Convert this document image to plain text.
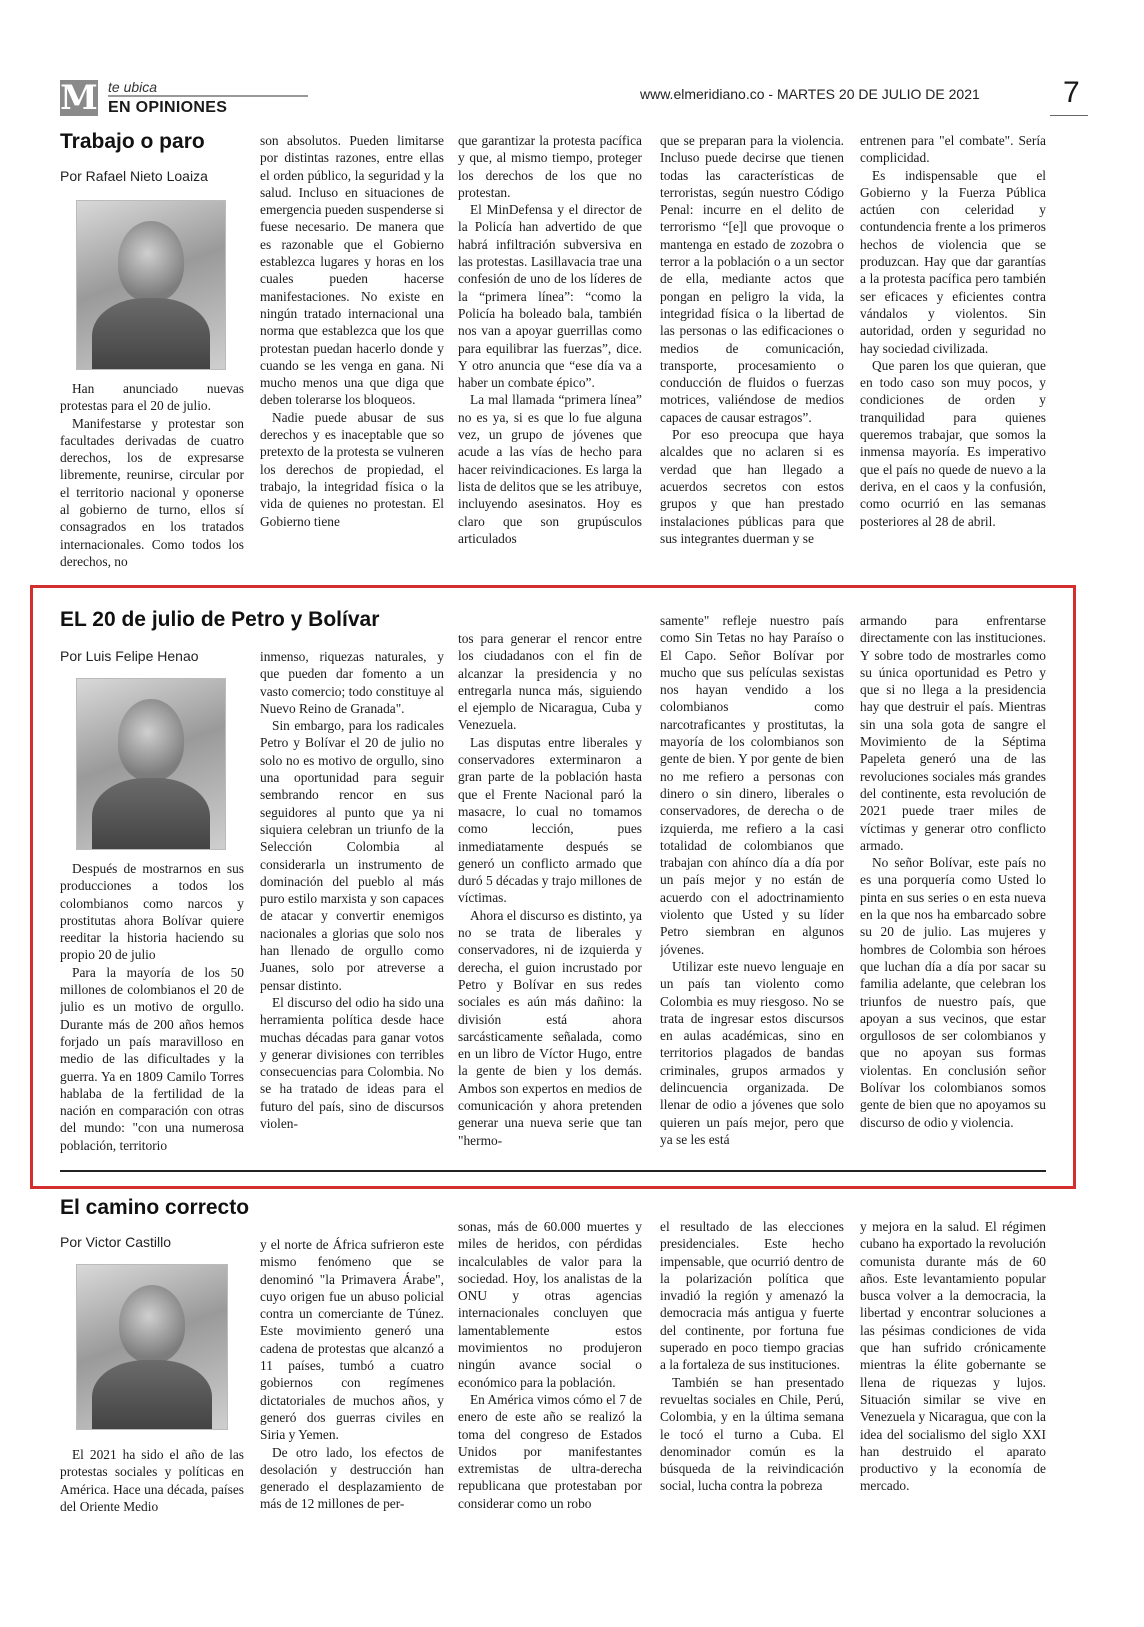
M te ubica
EN OPINIONES
www.elmeridiano.co - MARTES 20 DE JULIO DE 2021	7
Trabajo o paro
Por Rafael Nieto Loaiza

Han anunciado nuevas protestas para el 20 de julio.

Manifestarse y protestar son facultades derivadas de cuatro derechos, los de expresarse libremente, reunirse, circular por el territorio nacional y oponerse al gobierno de turno, ellos sí consagrados en los tratados internacionales. Como todos los derechos, no

son absolutos. Pueden limitarse por distintas razones, entre ellas el orden público, la seguridad y la salud. Incluso en situaciones de emergencia pueden suspenderse si fuese necesario. De manera que es razonable que el Gobierno establezca lugares y horas en los cuales pueden hacerse manifestaciones. No existe en ningún tratado internacional una norma que establezca que los que protestan puedan hacerlo donde y cuando se les venga en gana. Ni mucho menos una que diga que deben tolerarse los bloqueos.

Nadie puede abusar de sus derechos y es inaceptable que so pretexto de la protesta se vulneren los derechos de propiedad, el trabajo, la integridad física o la vida de quienes no protestan. El Gobierno tiene

que garantizar la protesta pacífica y que, al mismo tiempo, proteger los derechos de los que no protestan.

El MinDefensa y el director de la Policía han advertido de que habrá infiltración subversiva en las protestas. Lasillavacia trae una confesión de uno de los líderes de la “primera línea”: “como la Policía ha boleado bala, también nos van a apoyar guerrillas como para equilibrar las fuerzas”, dice. Y otro anuncia que “ese día va a haber un combate épico”.

La mal llamada “primera línea” no es ya, si es que lo fue alguna vez, un grupo de jóvenes que acude a las vías de hecho para hacer reivindicaciones. Es larga la lista de delitos que se les atribuye, incluyendo asesinatos. Hoy es claro que son grupúsculos articulados

que se preparan para la violencia. Incluso puede decirse que tienen todas las características de terroristas, según nuestro Código Penal: incurre en el delito de terrorismo “[e]l que provoque o mantenga en estado de zozobra o terror a la población o a un sector de ella, mediante actos que pongan en peligro la vida, la integridad física o la libertad de las personas o las edificaciones o medios de comunicación, transporte, procesamiento o conducción de fluidos o fuerzas motrices, valiéndose de medios capaces de causar estragos”.

Por eso preocupa que haya alcaldes que no aclaren si es verdad que han llegado a acuerdos secretos con estos grupos y que han prestado instalaciones públicas para que sus integrantes duerman y se

entrenen para "el combate". Sería complicidad.

Es indispensable que el Gobierno y la Fuerza Pública actúen con celeridad y contundencia frente a los primeros hechos de violencia que se produzcan. Hay que dar garantías a la protesta pacífica pero también ser eficaces y eficientes contra vándalos y violentos. Sin autoridad, orden y seguridad no hay sociedad civilizada.

Que paren los que quieran, que en todo caso son muy pocos, y condiciones de orden y tranquilidad para quienes queremos trabajar, que somos la inmensa mayoría. Es imperativo que el país no quede de nuevo a la deriva, en el caos y la confusión, como ocurrió en las semanas posteriores al 28 de abril.

EL 20 de julio de Petro y Bolívar
Por Luis Felipe Henao

Después de mostrarnos en sus producciones a todos los colombianos como narcos y prostitutas ahora Bolívar quiere reeditar la historia haciendo su propio 20 de julio

Para la mayoría de los 50 millones de colombianos el 20 de julio es un motivo de orgullo. Durante más de 200 años hemos forjado un país maravilloso en medio de las dificultades y la guerra. Ya en 1809 Camilo Torres hablaba de la fertilidad de la nación en comparación con otras del mundo: "con una numerosa población, territorio

inmenso, riquezas naturales, y que pueden dar fomento a un vasto comercio; todo constituye al Nuevo Reino de Granada".

Sin embargo, para los radicales Petro y Bolívar el 20 de julio no solo no es motivo de orgullo, sino una oportunidad para seguir sembrando rencor en sus seguidores al punto que ya ni siquiera celebran un triunfo de la Selección Colombia al considerarla un instrumento de dominación del pueblo al más puro estilo marxista y son capaces de atacar y convertir enemigos nacionales a glorias que solo nos han llenado de orgullo como Juanes, solo por atreverse a pensar distinto.

El discurso del odio ha sido una herramienta política desde hace muchas décadas para ganar votos y generar divisiones con terribles consecuencias para Colombia. No se ha tratado de ideas para el futuro del país, sino de discursos violen-

tos para generar el rencor entre los ciudadanos con el fin de alcanzar la presidencia y no entregarla nunca más, siguiendo el ejemplo de Nicaragua, Cuba y Venezuela.

Las disputas entre liberales y conservadores exterminaron a gran parte de la población hasta que el Frente Nacional paró la masacre, lo cual no tomamos como lección, pues inmediatamente después se generó un conflicto armado que duró 5 décadas y trajo millones de víctimas.

Ahora el discurso es distinto, ya no se trata de liberales y conservadores, ni de izquierda y derecha, el guion incrustado por Petro y Bolívar en sus redes sociales es aún más dañino: la división está ahora sarcásticamente señalada, como en un libro de Víctor Hugo, entre la gente de bien y los demás. Ambos son expertos en medios de comunicación y ahora pretenden generar una nueva serie que tan "hermo-

samente" refleje nuestro país como Sin Tetas no hay Paraíso o El Capo. Señor Bolívar por mucho que sus películas sexistas nos hayan vendido a los colombianos como narcotraficantes y prostitutas, la mayoría de los colombianos son gente de bien. Y por gente de bien no me refiero a personas con dinero o sin dinero, liberales o conservadores, de derecha o de izquierda, me refiero a la casi totalidad de colombianos que trabajan con ahínco día a día por un país mejor y no están de acuerdo con el adoctrinamiento violento que Usted y su líder Petro siembran en algunos jóvenes.

Utilizar este nuevo lenguaje en un país tan violento como Colombia es muy riesgoso. No se trata de ingresar estos discursos en aulas académicas, sino en territorios plagados de bandas criminales, grupos armados y delincuencia organizada. De llenar de odio a jóvenes que solo quieren un país mejor, pero que ya se les está

armando para enfrentarse directamente con las instituciones. Y sobre todo de mostrarles como su única oportunidad es Petro y que si no llega a la presidencia hay que destruir el país. Mientras sin una sola gota de sangre el Movimiento de la Séptima Papeleta generó una de las revoluciones sociales más grandes del continente, esta revolución de 2021 puede traer miles de víctimas y generar otro conflicto armado.

No señor Bolívar, este país no es una porquería como Usted lo pinta en sus series o en esta nueva en la que nos ha embarcado sobre su 20 de julio. Las mujeres y hombres de Colombia son héroes que luchan día a día por sacar su familia adelante, que celebran los triunfos de nuestro país, que apoyan a sus vecinos, que estar orgullosos de ser colombianos y que no apoyan sus formas violentas. En conclusión señor Bolívar los colombianos somos gente de bien que no apoyamos su discurso de odio y violencia.

El camino correcto
Por Victor Castillo

El 2021 ha sido el año de las protestas sociales y políticas en América. Hace una década, países del Oriente Medio

y el norte de África sufrieron este mismo fenómeno que se denominó "la Primavera Árabe", cuyo origen fue un abuso policial contra un comerciante de Túnez. Este movimiento generó una cadena de protestas que alcanzó a 11 países, tumbó a cuatro gobiernos con regímenes dictatoriales de muchos años, y generó dos guerras civiles en Siria y Yemen.

De otro lado, los efectos de desolación y destrucción han generado el desplazamiento de más de 12 millones de per-

sonas, más de 60.000 muertes y miles de heridos, con pérdidas incalculables de valor para la sociedad. Hoy, los analistas de la ONU y otras agencias internacionales concluyen que lamentablemente estos movimientos no produjeron ningún avance social o económico para la población.

En América vimos cómo el 7 de enero de este año se realizó la toma del congreso de Estados Unidos por manifestantes extremistas de ultra-derecha republicana que protestaban por considerar como un robo

el resultado de las elecciones presidenciales. Este hecho impensable, que ocurrió dentro de la polarización política que invadió la región y amenazó la democracia más antigua y fuerte del continente, por fortuna fue superado en poco tiempo gracias a la fortaleza de sus instituciones.

También se han presentado revueltas sociales en Chile, Perú, Colombia, y en la última semana le tocó el turno a Cuba. El denominador común es la búsqueda de la reivindicación social, lucha contra la pobreza

y mejora en la salud. El régimen cubano ha exportado la revolución comunista durante más de 60 años. Este levantamiento popular busca volver a la democracia, la libertad y encontrar soluciones a las pésimas condiciones de vida que han sufrido crónicamente mientras la élite gobernante se llena de riquezas y lujos. Situación similar se vive en Venezuela y Nicaragua, que con la idea del socialismo del siglo XXI han destruido el aparato productivo y la economía de mercado.
